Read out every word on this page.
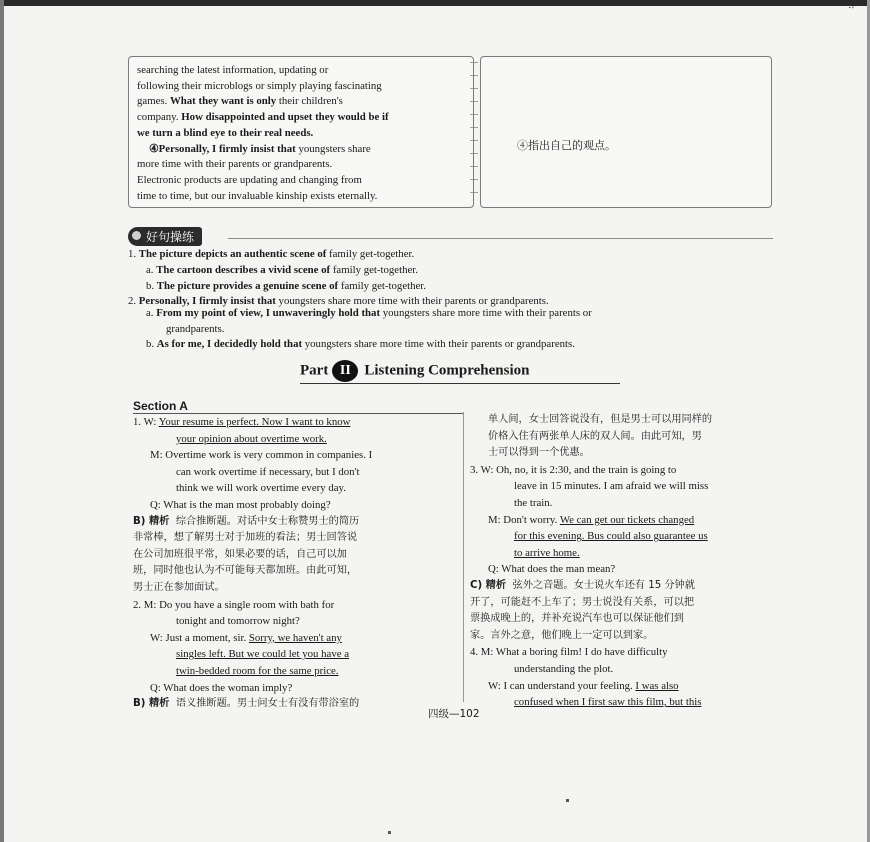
·ˀ

searching the latest information, updating or

following their microblogs or simply playing fascinating

games. What they want is only their children's

company. How disappointed and upset they would be if

we turn a blind eye to their real needs.

④Personally, I firmly insist that youngsters share

more time with their parents or grandparents.

Electronic products are updating and changing from

time to time, but our invaluable kinship exists eternally.

④指出自己的观点。
好句操练
1. The picture depicts an authentic scene of family get-together.
a. The cartoon describes a vivid scene of family get-together.
b. The picture provides a genuine scene of family get-together.
2. Personally, I firmly insist that youngsters share more time with their parents or grandparents.
a. From my point of view, I unwaveringly hold that youngsters share more time with their parents or
grandparents.
b. As for me, I decidedly hold that youngsters share more time with their parents or grandparents.
Part II Listening Comprehension
Section A
1. W: Your resume is perfect. Now I want to know
your opinion about overtime work.
M: Overtime work is very common in companies. I
can work overtime if necessary, but I don't
think we will work overtime every day.
Q: What is the man most probably doing?
B) 精析 综合推断题。对话中女士称赞男士的简历
非常棒，想了解男士对于加班的看法；男士回答说
在公司加班很平常，如果必要的话，自己可以加
班，同时他也认为不可能每天都加班。由此可知，
男士正在参加面试。
2. M: Do you have a single room with bath for
tonight and tomorrow night?
W: Just a moment, sir. Sorry, we haven't any
singles left. But we could let you have a
twin-bedded room for the same price.
Q: What does the woman imply?
B) 精析 语义推断题。男士问女士有没有带浴室的
单人间，女士回答说没有，但是男士可以用同样的
价格入住有两张单人床的双人间。由此可知，男
士可以得到一个优惠。
3. W: Oh, no, it is 2:30, and the train is going to
leave in 15 minutes. I am afraid we will miss
the train.
M: Don't worry. We can get our tickets changed
for this evening. Bus could also guarantee us
to arrive home.
Q: What does the man mean?
C) 精析 弦外之音题。女士说火车还有 15 分钟就
开了，可能赶不上车了；男士说没有关系，可以把
票换成晚上的，并补充说汽车也可以保证他们到
家。言外之意，他们晚上一定可以到家。
4. M: What a boring film! I do have difficulty
understanding the plot.
W: I can understand your feeling. I was also
confused when I first saw this film, but this
四级—102
